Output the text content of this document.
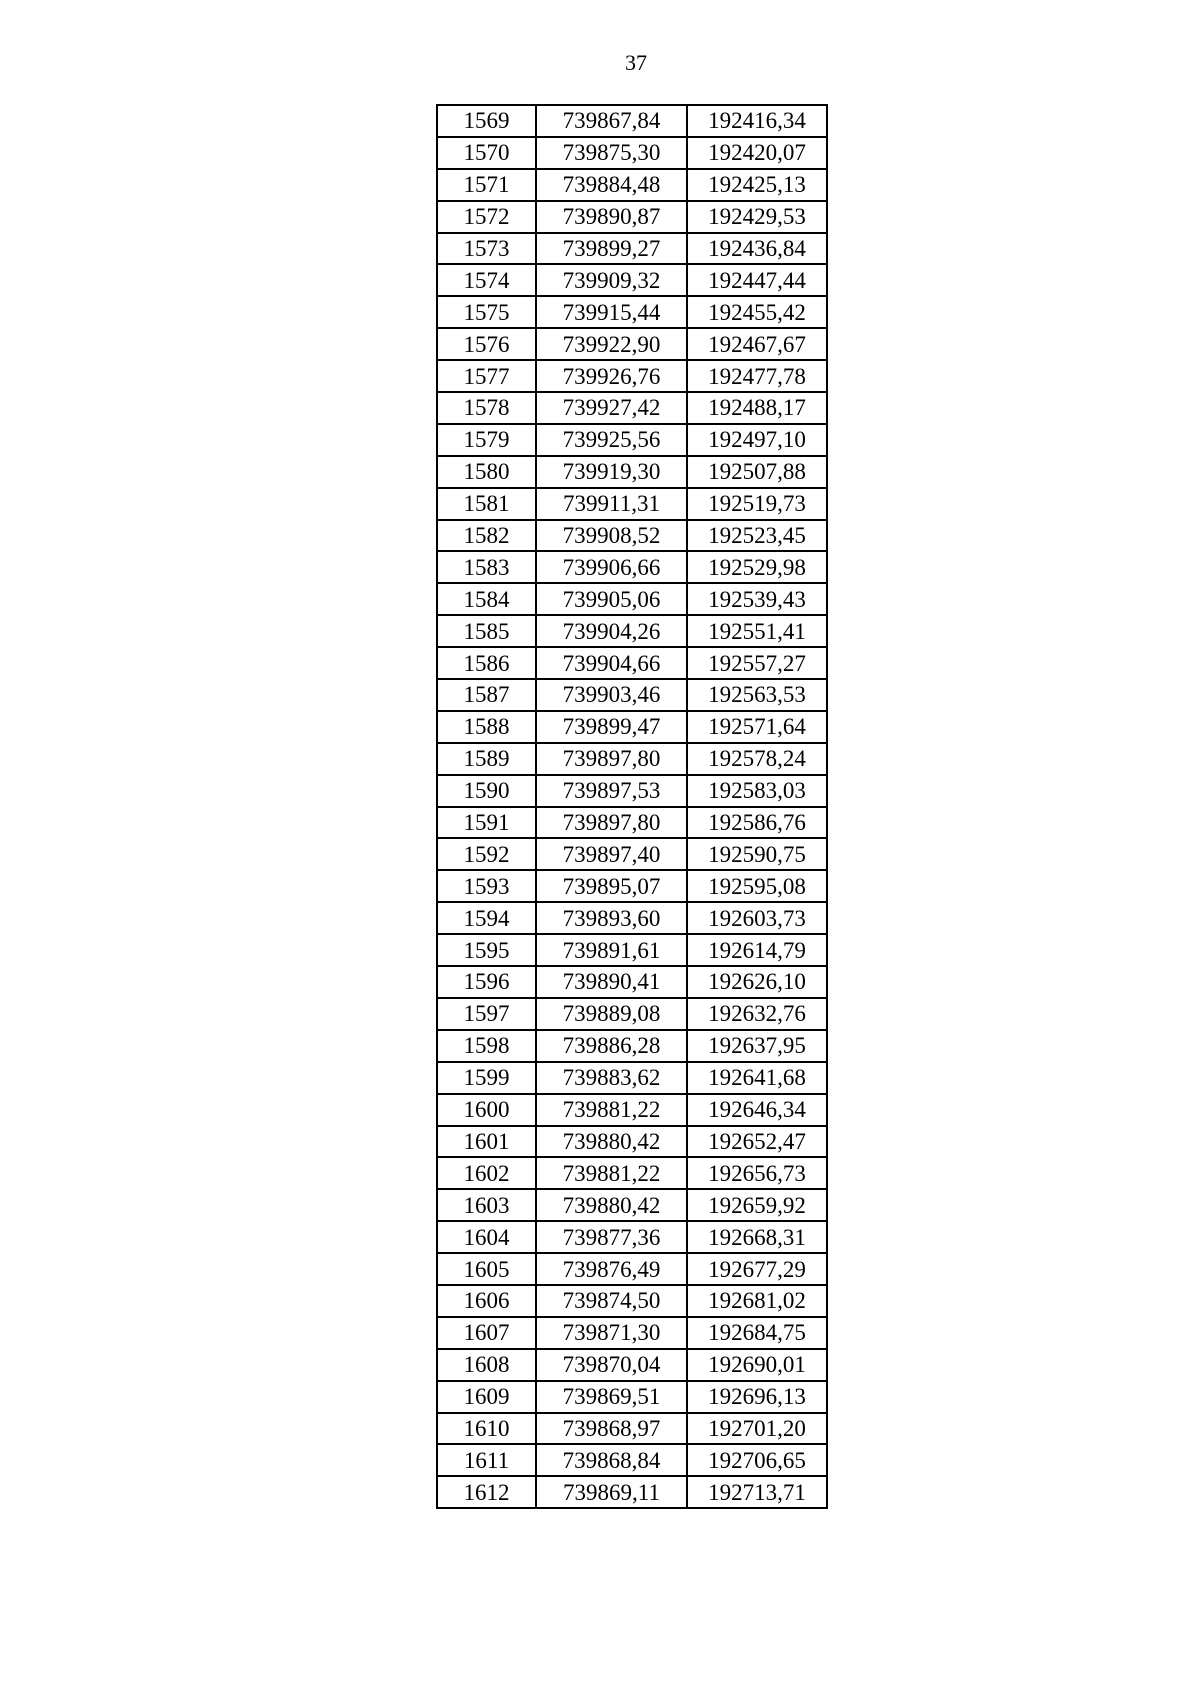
37
1569	739867,84	192416,34
1570	739875,30	192420,07
1571	739884,48	192425,13
1572	739890,87	192429,53
1573	739899,27	192436,84
1574	739909,32	192447,44
1575	739915,44	192455,42
1576	739922,90	192467,67
1577	739926,76	192477,78
1578	739927,42	192488,17
1579	739925,56	192497,10
1580	739919,30	192507,88
1581	739911,31	192519,73
1582	739908,52	192523,45
1583	739906,66	192529,98
1584	739905,06	192539,43
1585	739904,26	192551,41
1586	739904,66	192557,27
1587	739903,46	192563,53
1588	739899,47	192571,64
1589	739897,80	192578,24
1590	739897,53	192583,03
1591	739897,80	192586,76
1592	739897,40	192590,75
1593	739895,07	192595,08
1594	739893,60	192603,73
1595	739891,61	192614,79
1596	739890,41	192626,10
1597	739889,08	192632,76
1598	739886,28	192637,95
1599	739883,62	192641,68
1600	739881,22	192646,34
1601	739880,42	192652,47
1602	739881,22	192656,73
1603	739880,42	192659,92
1604	739877,36	192668,31
1605	739876,49	192677,29
1606	739874,50	192681,02
1607	739871,30	192684,75
1608	739870,04	192690,01
1609	739869,51	192696,13
1610	739868,97	192701,20
1611	739868,84	192706,65
1612	739869,11	192713,71
